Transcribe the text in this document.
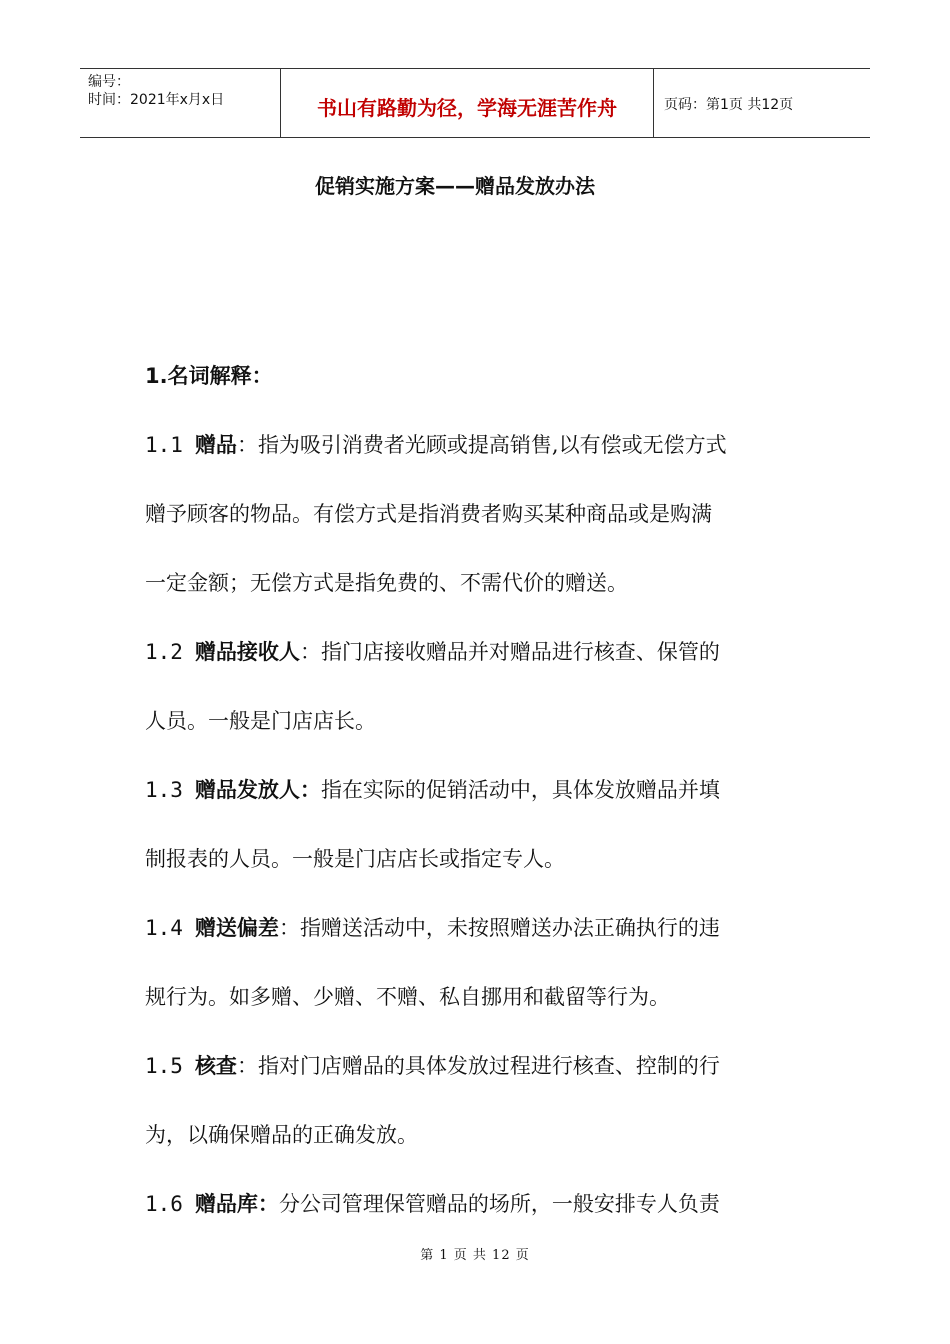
编号：
时间：2021年x月x日	书山有路勤为径，学海无涯苦作舟	页码：第1页 共12页
促销实施方案——赠品发放办法
1.名词解释：
1.1 赠品：指为吸引消费者光顾或提高销售,以有偿或无偿方式
赠予顾客的物品。有偿方式是指消费者购买某种商品或是购满
一定金额；无偿方式是指免费的、不需代价的赠送。
1.2 赠品接收人：指门店接收赠品并对赠品进行核查、保管的
人员。一般是门店店长。
1.3 赠品发放人：指在实际的促销活动中，具体发放赠品并填
制报表的人员。一般是门店店长或指定专人。
1.4 赠送偏差：指赠送活动中，未按照赠送办法正确执行的违
规行为。如多赠、少赠、不赠、私自挪用和截留等行为。
1.5 核查：指对门店赠品的具体发放过程进行核查、控制的行
为，以确保赠品的正确发放。
1.6 赠品库：分公司管理保管赠品的场所，一般安排专人负责
第 1 页 共 12 页
